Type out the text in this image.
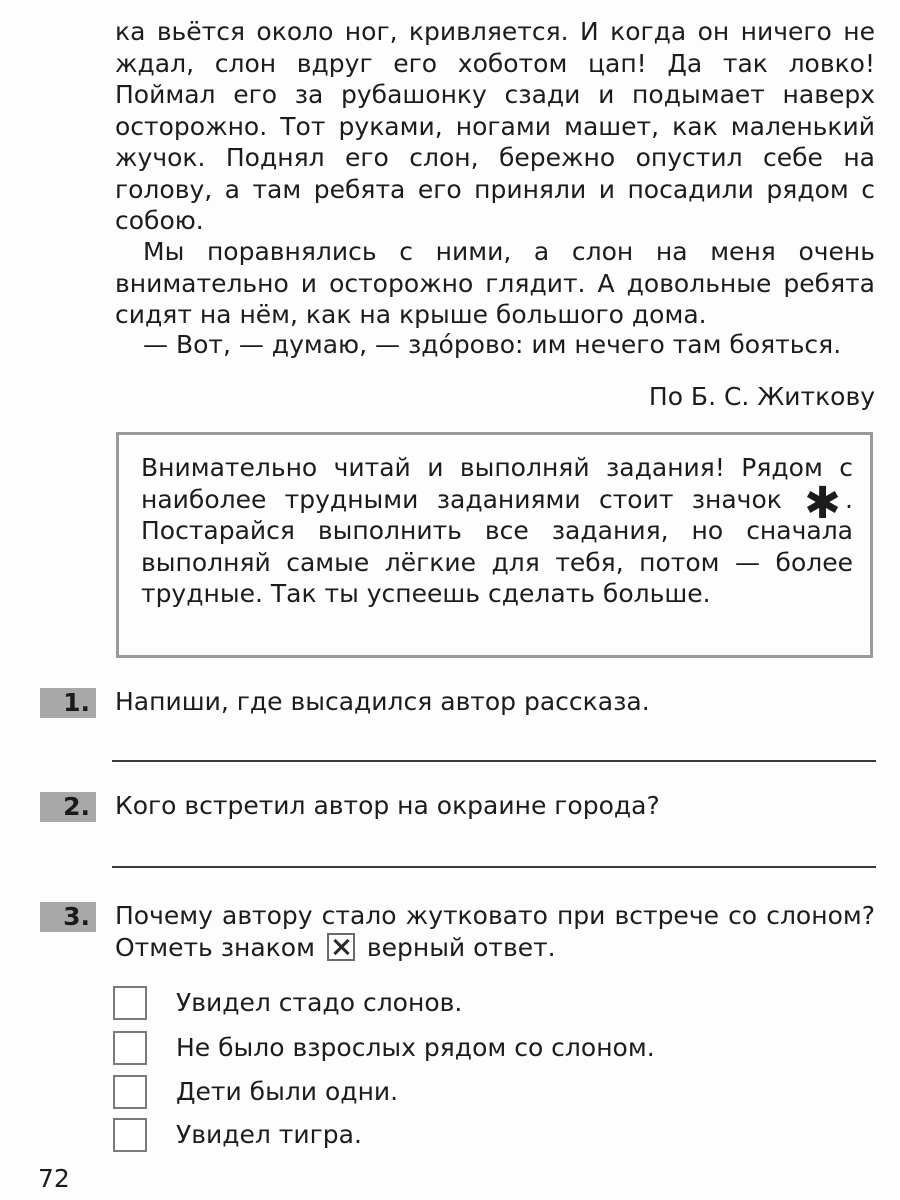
ка вьётся около ног, кривляется. И когда он ничего не ждал, слон вдруг его хоботом цап! Да так ловко! Поймал его за рубашонку сзади и подымает наверх осторожно. Тот руками, ногами машет, как маленький жучок. Поднял его слон, бережно опустил себе на голову, а там ребята его приняли и посадили рядом с собою.
Мы поравнялись с ними, а слон на меня очень внимательно и осторожно глядит. А довольные ребята сидят на нём, как на крыше большого дома.
— Вот, — думаю, — здо́рово: им нечего там бояться.
По Б. С. Житкову
Внимательно читай и выполняй задания! Рядом с наиболее трудными заданиями стоит значок ✱ . Постарайся выполнить все задания, но сначала выполняй самые лёгкие для тебя, потом — более трудные. Так ты успеешь сделать больше.
1. Напиши, где высадился автор рассказа.
2. Кого встретил автор на окраине города?
3. Почему автору стало жутковато при встрече со слоном? Отметь знаком верный ответ.
Увидел стадо слонов.
Не было взрослых рядом со слоном.
Дети были одни.
Увидел тигра.
72
